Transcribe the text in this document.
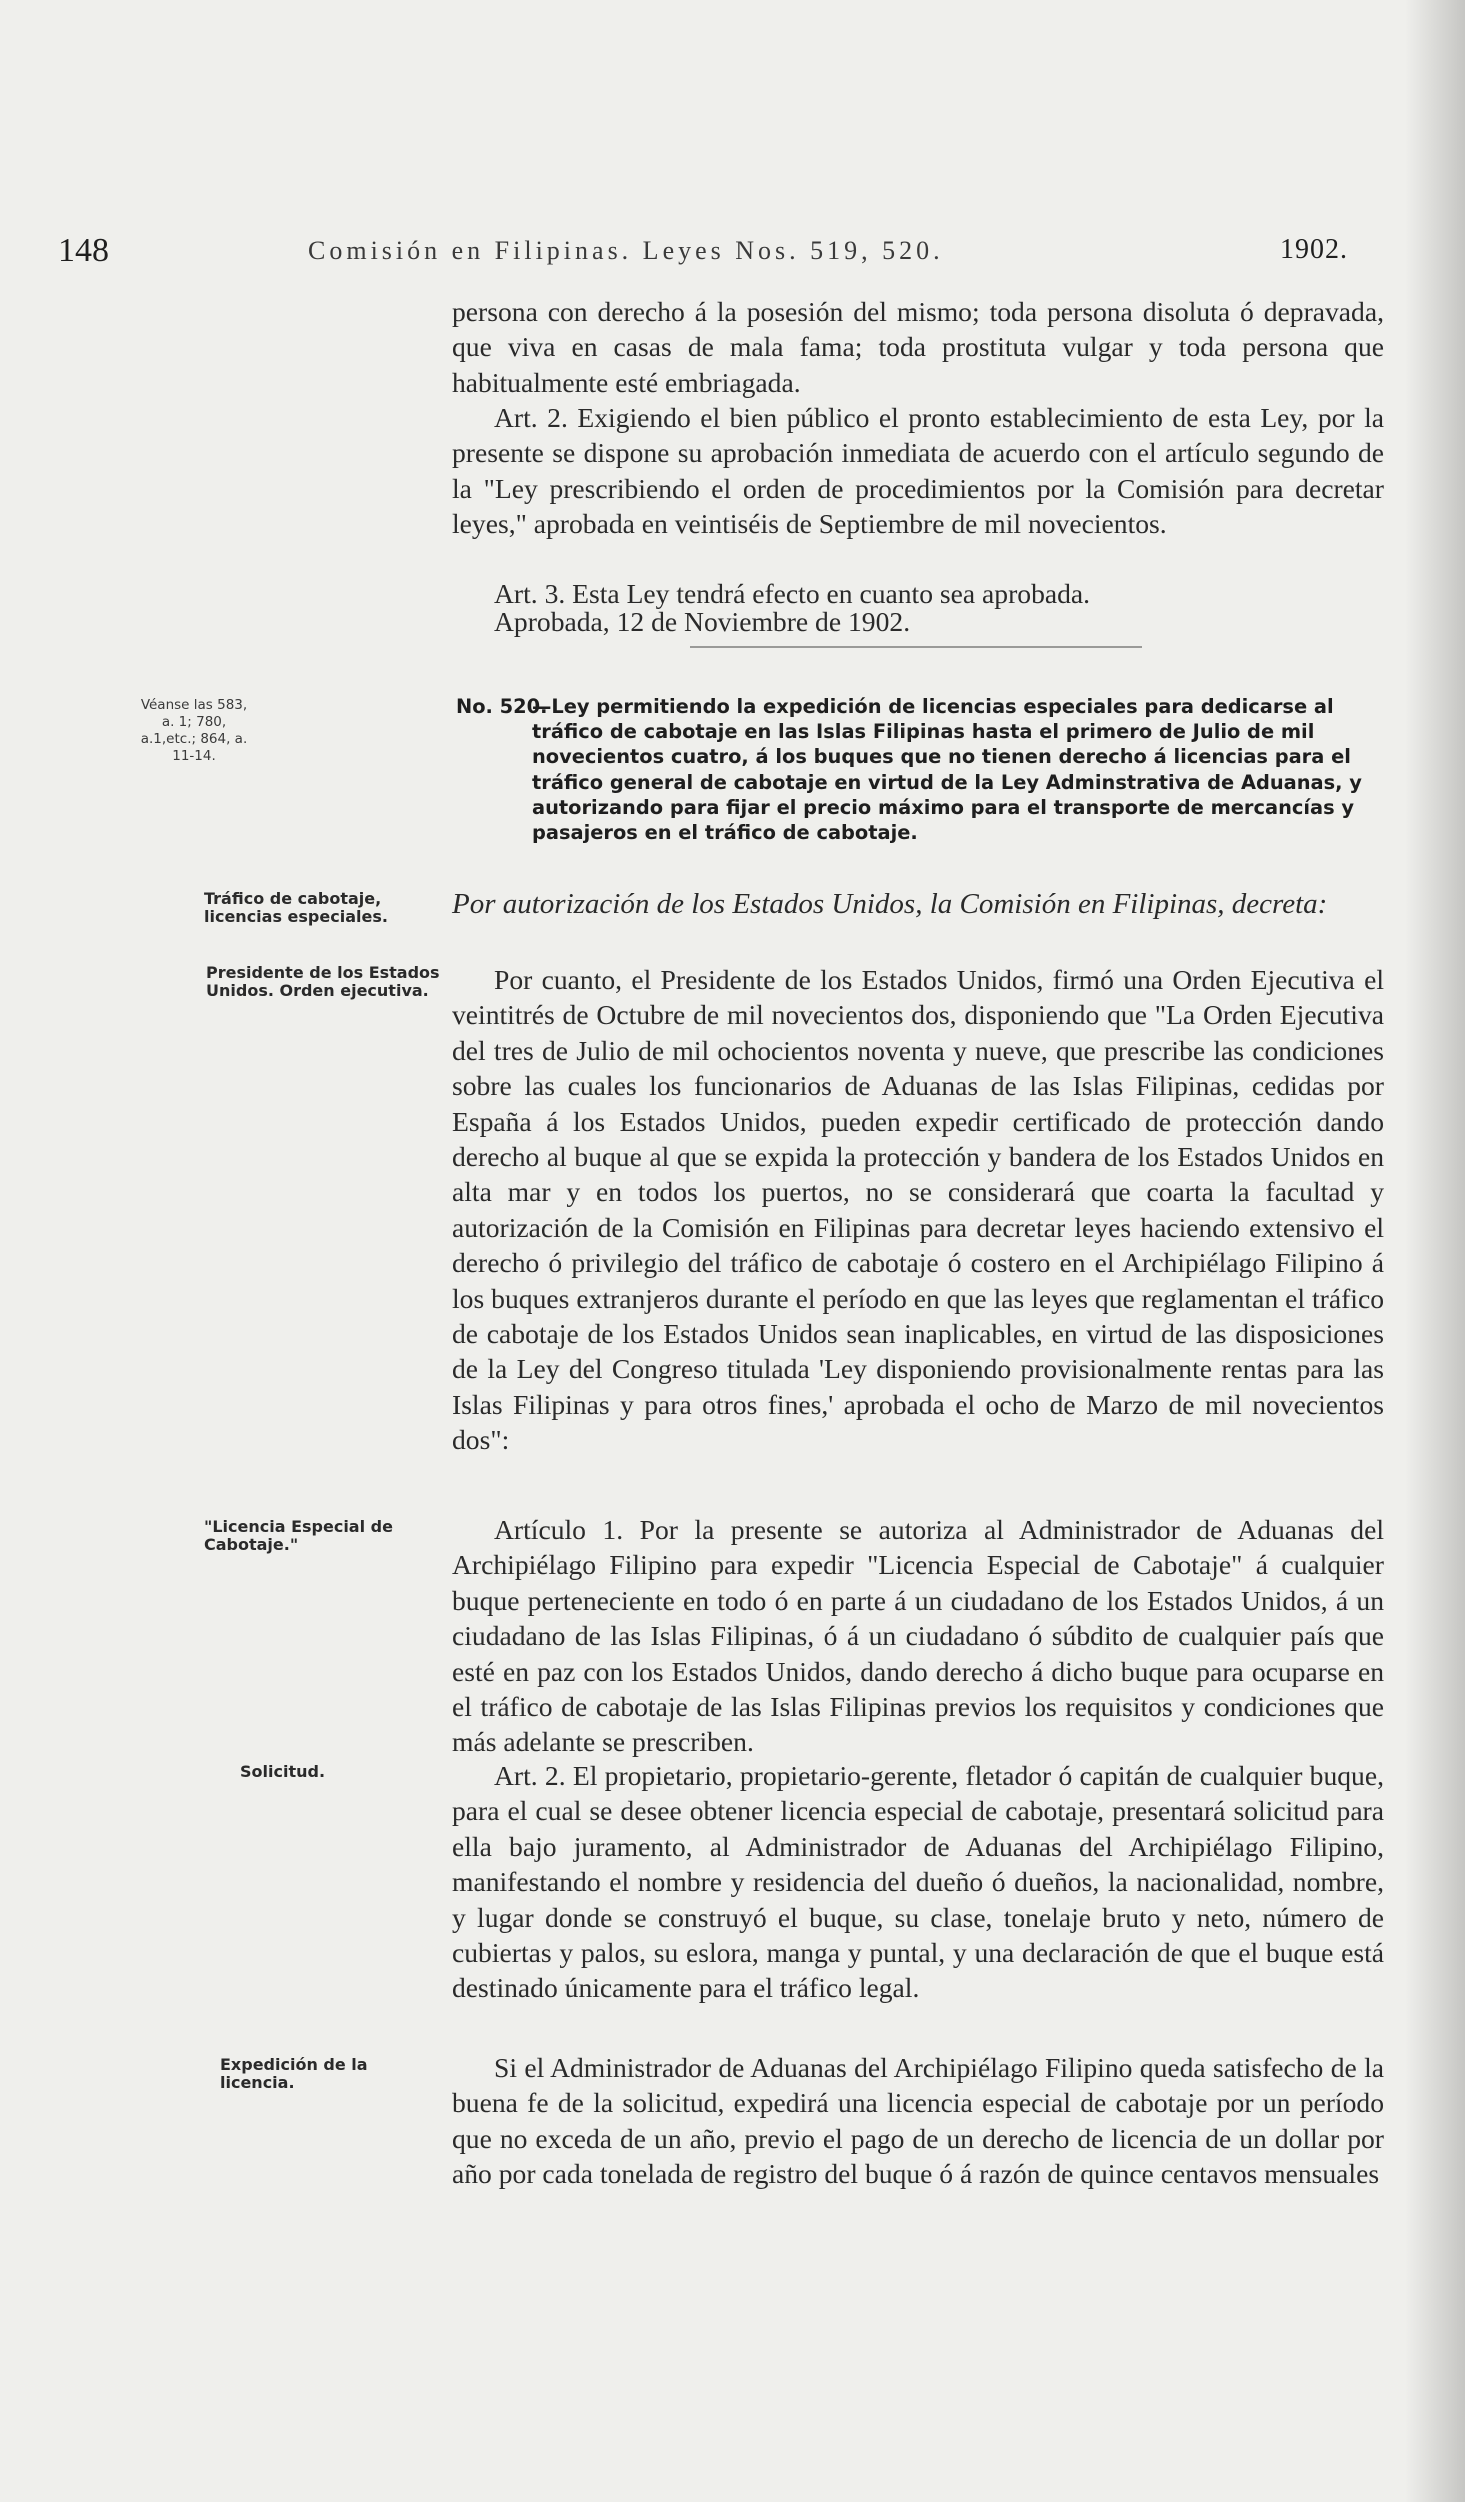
148	Comisión en Filipinas. Leyes Nos. 519, 520.	1902.

persona con derecho á la posesión del mismo; toda persona disoluta ó depravada, que viva en casas de mala fama; toda prostituta vulgar y toda persona que habitualmente esté embriagada.

Art. 2. Exigiendo el bien público el pronto establecimiento de esta Ley, por la presente se dispone su aprobación inmediata de acuerdo con el artículo segundo de la "Ley prescribiendo el orden de procedimientos por la Comisión para decretar leyes," aprobada en veintiséis de Septiembre de mil novecientos.

Art. 3. Esta Ley tendrá efecto en cuanto sea aprobada.

Aprobada, 12 de Noviembre de 1902.

Véanse las 583, a. 1; 780, a.1,etc.; 864, a. 11-14.
Tráfico de cabotaje, licencias especiales.
Presidente de los Estados Unidos. Orden ejecutiva.
"Licencia Especial de Cabotaje."
Solicitud.
Expedición de la licencia.
No. 520.
—Ley permitiendo la expedición de licencias especiales para dedicarse al tráfico de cabotaje en las Islas Filipinas hasta el primero de Julio de mil novecientos cuatro, á los buques que no tienen derecho á licencias para el tráfico general de cabotaje en virtud de la Ley Adminstrativa de Aduanas, y autorizando para fijar el precio máximo para el transporte de mercancías y pasajeros en el tráfico de cabotaje.
Por autorización de los Estados Unidos, la Comisión en Filipinas, decreta:

Por cuanto, el Presidente de los Estados Unidos, firmó una Orden Ejecutiva el veintitrés de Octubre de mil novecientos dos, disponiendo que "La Orden Ejecutiva del tres de Julio de mil ochocientos noventa y nueve, que prescribe las condiciones sobre las cuales los funcionarios de Aduanas de las Islas Filipinas, cedidas por España á los Estados Unidos, pueden expedir certificado de protección dando derecho al buque al que se expida la protección y bandera de los Estados Unidos en alta mar y en todos los puertos, no se considerará que coarta la facultad y autorización de la Comisión en Filipinas para decretar leyes haciendo extensivo el derecho ó privilegio del tráfico de cabotaje ó costero en el Archipiélago Filipino á los buques extranjeros durante el período en que las leyes que reglamentan el tráfico de cabotaje de los Estados Unidos sean inaplicables, en virtud de las disposiciones de la Ley del Congreso titulada 'Ley disponiendo provisionalmente rentas para las Islas Filipinas y para otros fines,' aprobada el ocho de Marzo de mil novecientos dos":

Artículo 1. Por la presente se autoriza al Administrador de Aduanas del Archipiélago Filipino para expedir "Licencia Especial de Cabotaje" á cualquier buque perteneciente en todo ó en parte á un ciudadano de los Estados Unidos, á un ciudadano de las Islas Filipinas, ó á un ciudadano ó súbdito de cualquier país que esté en paz con los Estados Unidos, dando derecho á dicho buque para ocuparse en el tráfico de cabotaje de las Islas Filipinas previos los requisitos y condiciones que más adelante se prescriben.

Art. 2. El propietario, propietario-gerente, fletador ó capitán de cualquier buque, para el cual se desee obtener licencia especial de cabotaje, presentará solicitud para ella bajo juramento, al Administrador de Aduanas del Archipiélago Filipino, manifestando el nombre y residencia del dueño ó dueños, la nacionalidad, nombre, y lugar donde se construyó el buque, su clase, tonelaje bruto y neto, número de cubiertas y palos, su eslora, manga y puntal, y una declaración de que el buque está destinado únicamente para el tráfico legal.

Si el Administrador de Aduanas del Archipiélago Filipino queda satisfecho de la buena fe de la solicitud, expedirá una licencia especial de cabotaje por un período que no exceda de un año, previo el pago de un derecho de licencia de un dollar por año por cada tonelada de registro del buque ó á razón de quince centavos mensuales
